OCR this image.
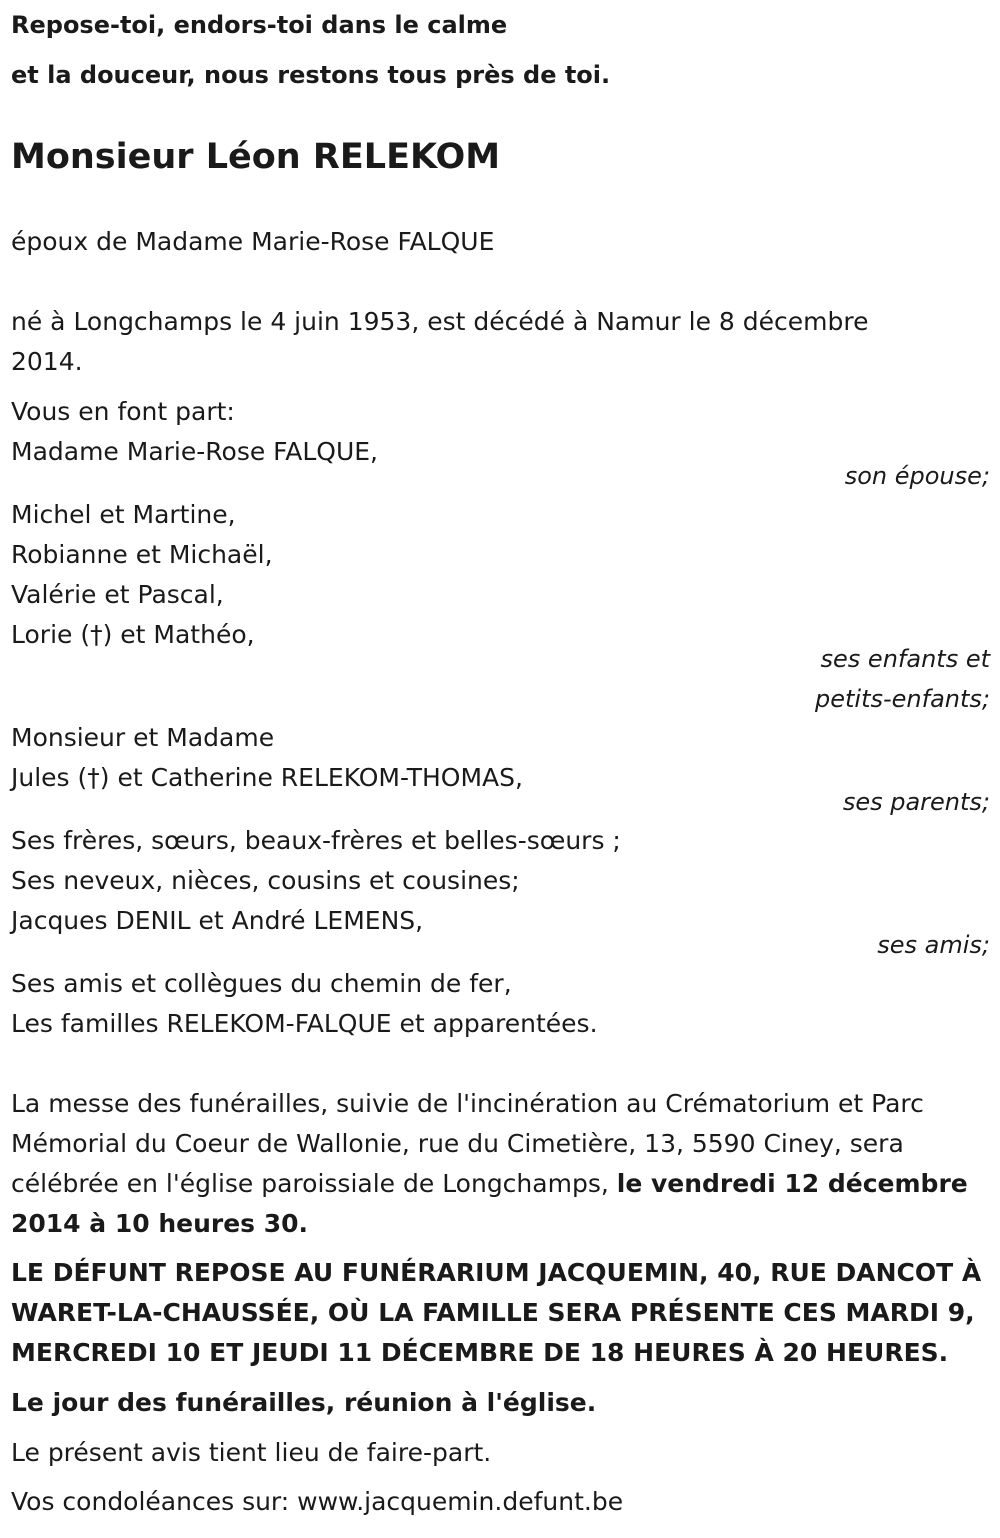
Repose-toi, endors-toi dans le calme

et la douceur, nous restons tous près de toi.

Monsieur Léon RELEKOM

époux de Madame Marie-Rose FALQUE

né à Longchamps le 4 juin 1953, est décédé à Namur le 8 décembre

2014.

Vous en font part:

Madame Marie-Rose FALQUE,

son épouse;

Michel et Martine,

Robianne et Michaël,

Valérie et Pascal,

Lorie (†) et Mathéo,

ses enfants et

petits-enfants;

Monsieur et Madame

Jules (†) et Catherine RELEKOM-THOMAS,

ses parents;

Ses frères, sœurs, beaux-frères et belles-sœurs ;

Ses neveux, nièces, cousins et cousines;

Jacques DENIL et André LEMENS,

ses amis;

Ses amis et collègues du chemin de fer,

Les familles RELEKOM-FALQUE et apparentées.

La messe des funérailles, suivie de l'incinération au Crématorium et Parc

Mémorial du Coeur de Wallonie, rue du Cimetière, 13, 5590 Ciney, sera

célébrée en l'église paroissiale de Longchamps, le vendredi 12 décembre

2014 à 10 heures 30.

LE DÉFUNT REPOSE AU FUNÉRARIUM JACQUEMIN, 40, RUE DANCOT À

WARET-LA-CHAUSSÉE, OÙ LA FAMILLE SERA PRÉSENTE CES MARDI 9,

MERCREDI 10 ET JEUDI 11 DÉCEMBRE DE 18 HEURES À 20 HEURES.

Le jour des funérailles, réunion à l'église.

Le présent avis tient lieu de faire-part.

Vos condoléances sur: www.jacquemin.defunt.be
